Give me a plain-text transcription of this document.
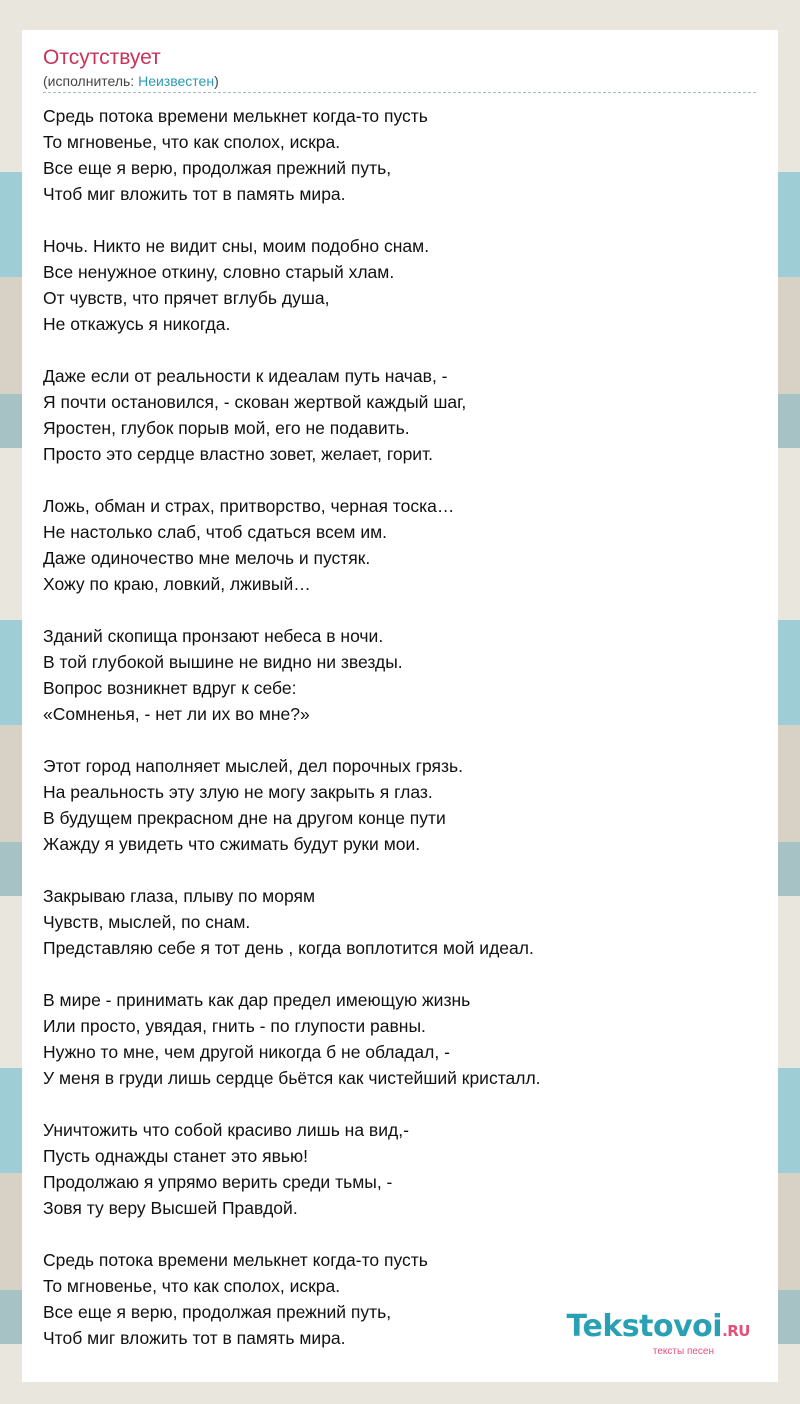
Отсутствует
(исполнитель: Неизвестен)
Средь потока времени мелькнет когда-то пусть
То мгновенье, что как сполох, искра.
Все еще я верю, продолжая прежний путь,
Чтоб миг вложить тот в память мира.
Ночь. Никто не видит сны, моим подобно снам.
Все ненужное откину, словно старый хлам.
От чувств, что прячет вглубь душа,
Не откажусь я никогда.
Даже если от реальности к идеалам путь начав, -
Я почти остановился, - скован жертвой каждый шаг,
Яростен, глубок порыв мой, его не подавить.
Просто это сердце властно зовет, желает, горит.
Ложь, обман и страх, притворство, черная тоска…
Не настолько слаб, чтоб сдаться всем им.
Даже одиночество мне мелочь и пустяк.
Хожу по краю, ловкий, лживый…
Зданий скопища пронзают небеса в ночи.
В той глубокой вышине не видно ни звезды.
Вопрос возникнет вдруг к себе:
«Сомненья, - нет ли их во мне?»
Этот город наполняет мыслей, дел порочных грязь.
На реальность эту злую не могу закрыть я глаз.
В будущем прекрасном дне на другом конце пути
Жажду я увидеть что сжимать будут руки мои.
Закрываю глаза, плыву по морям
Чувств, мыслей, по снам.
Представляю себе я тот день , когда воплотится мой идеал.
В мире - принимать как дар предел имеющую жизнь
Или просто, увядая, гнить - по глупости равны.
Нужно то мне, чем другой никогда б не обладал, -
У меня в груди лишь сердце бьётся как чистейший кристалл.
Уничтожить что собой красиво лишь на вид,-
Пусть однажды станет это явью!
Продолжаю я упрямо верить среди тьмы, -
Зовя ту веру Высшей Правдой.
Средь потока времени мелькнет когда-то пусть
То мгновенье, что как сполох, искра.
Все еще я верю, продолжая прежний путь,
Чтоб миг вложить тот в память мира.	Tekstovoi.RU
тексты песен
